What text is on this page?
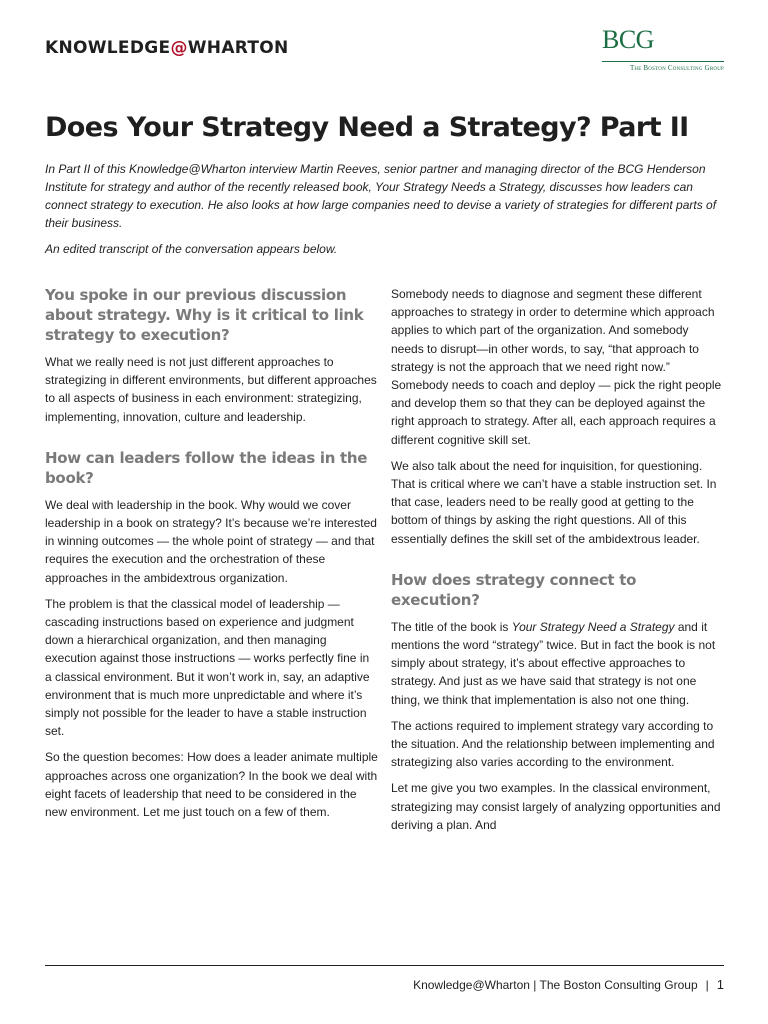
KNOWLEDGE@WHARTON	BCG
The Boston Consulting Group
Does Your Strategy Need a Strategy? Part II

In Part II of this Knowledge@Wharton interview Martin Reeves, senior partner and managing director of the BCG Henderson Institute for strategy and author of the recently released book, Your Strategy Needs a Strategy, discusses how leaders can connect strategy to execution. He also looks at how large companies need to devise a variety of strategies for different parts of their business.

An edited transcript of the conversation appears below.

You spoke in our previous discussion about strategy. Why is it critical to link strategy to execution?

What we really need is not just different approaches to strategizing in different environments, but different approaches to all aspects of business in each environment: strategizing, implementing, innovation, culture and leadership.

How can leaders follow the ideas in the book?

We deal with leadership in the book. Why would we cover leadership in a book on strategy? It’s because we’re interested in winning outcomes — the whole point of strategy — and that requires the execution and the orchestration of these approaches in the ambidextrous organization.

The problem is that the classical model of leadership — cascading instructions based on experience and judgment down a hierarchical organization, and then managing execution against those instructions — works perfectly fine in a classical environment. But it won’t work in, say, an adaptive environment that is much more unpredictable and where it’s simply not possible for the leader to have a stable instruction set.

So the question becomes: How does a leader animate multiple approaches across one organization? In the book we deal with eight facets of leadership that need to be considered in the new environment. Let me just touch on a few of them.

Somebody needs to diagnose and segment these different approaches to strategy in order to determine which approach applies to which part of the organization. And somebody needs to disrupt—in other words, to say, “that approach to strategy is not the approach that we need right now.” Somebody needs to coach and deploy — pick the right people and develop them so that they can be deployed against the right approach to strategy. After all, each approach requires a different cognitive skill set.

We also talk about the need for inquisition, for questioning. That is critical where we can’t have a stable instruction set. In that case, leaders need to be really good at getting to the bottom of things by asking the right questions. All of this essentially defines the skill set of the ambidextrous leader.

How does strategy connect to execution?

The title of the book is Your Strategy Need a Strategy and it mentions the word “strategy” twice. But in fact the book is not simply about strategy, it’s about effective approaches to strategy. And just as we have said that strategy is not one thing, we think that implementation is also not one thing.

The actions required to implement strategy vary according to the situation. And the relationship between implementing and strategizing also varies according to the environment.

Let me give you two examples. In the classical environment, strategizing may consist largely of analyzing opportunities and deriving a plan. And

Knowledge@Wharton | The Boston Consulting Group | 1
